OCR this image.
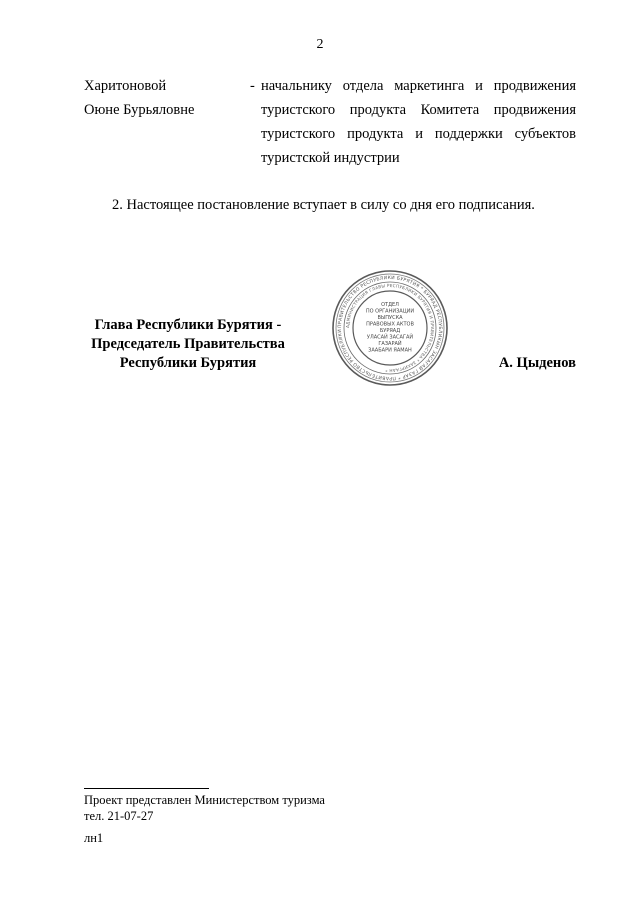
2
Харитоновой
Оюне Бурьяловне
- начальнику отдела маркетинга и продвижения
туристского продукта Комитета продвижения
туристского продукта и поддержки субъектов
туристской индустрии
2. Настоящее постановление вступает в силу со дня его подписания.
Глава Республики Бурятия -
Председатель Правительства
Республики Бурятия
ПРАВИТЕЛЬСТВО РЕСПУБЛИКИ БУРЯТИЯ * БУРЯАД РЕСПУБЛИКЫН ЗАСАГАЙ ГАЗАР * ПРАВИТЕЛЬСТВО РЕСПУБЛИКИ
АДМИНИСТРАЦИЯ ГЛАВЫ РЕСПУБЛИКИ БУРЯТИЯ И ПРАВИТЕЛЬСТВА * ЗАХИРГААН *
ОТДЕЛ
ПО ОРГАНИЗАЦИИ
ВЫПУСКА
ПРАВОВЫХ АКТОВ
БУРЯАД
УЛАСАЙ ЗАСАГАЙ
ГАЗАРАЙ
ЗААБАРИ ЯАМАН
А. Цыденов
Проект представлен Министерством туризма
тел. 21-07-27
лн1
